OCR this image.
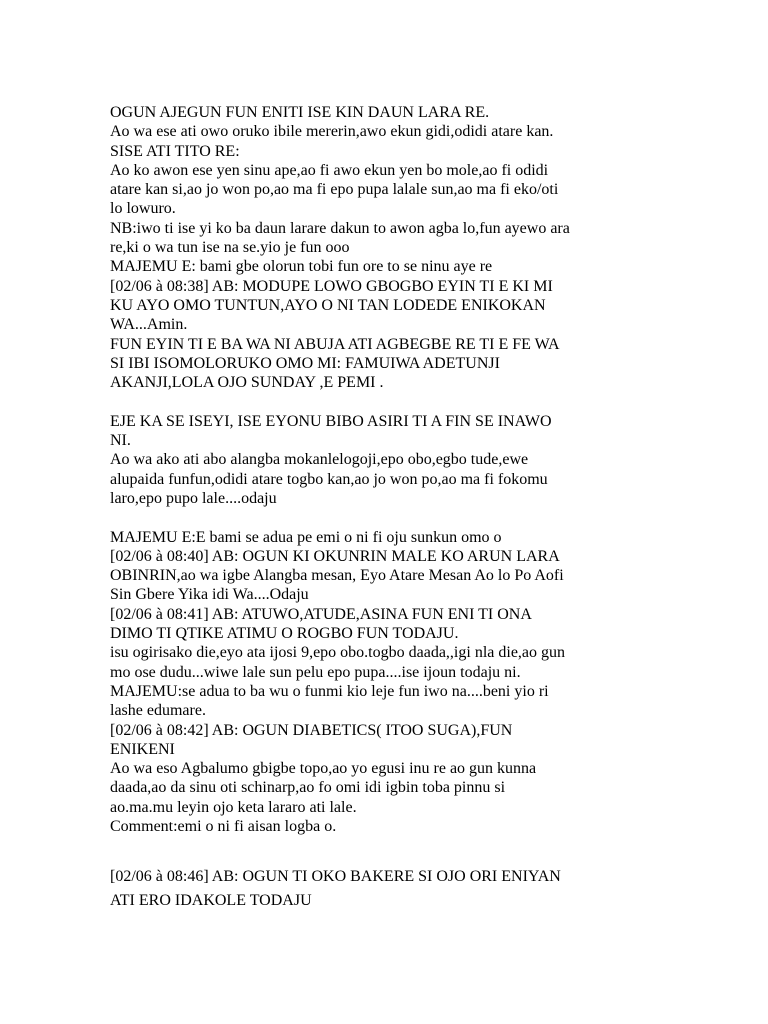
OGUN AJEGUN FUN ENITI ISE KIN DAUN LARA RE.
Ao wa ese ati owo oruko ibile mererin,awo ekun gidi,odidi atare kan.
SISE ATI TITO RE:
Ao ko awon ese yen sinu ape,ao fi awo ekun yen bo mole,ao fi odidi
atare kan si,ao jo won po,ao ma fi epo pupa lalale sun,ao ma fi eko/oti
lo lowuro.
NB:iwo ti ise yi ko ba daun larare dakun to awon agba lo,fun ayewo ara
re,ki o wa tun ise na se.yio je fun ooo
MAJEMU E: bami gbe olorun tobi fun ore to se ninu aye re
[02/06 à 08:38] AB: MODUPE LOWO GBOGBO EYIN TI E KI MI
KU AYO OMO TUNTUN,AYO O NI TAN LODEDE ENIKOKAN
WA...Amin.
FUN EYIN TI E BA WA NI ABUJA ATI AGBEGBE RE TI E FE WA
SI IBI ISOMOLORUKO OMO MI: FAMUIWA ADETUNJI
AKANJI,LOLA OJO SUNDAY ,E PEMI .
EJE KA SE ISEYI, ISE EYONU BIBO ASIRI TI A FIN SE INAWO
NI.
Ao wa ako ati abo alangba mokanlelogoji,epo obo,egbo tude,ewe
alupaida funfun,odidi atare togbo kan,ao jo won po,ao ma fi fokomu
laro,epo pupo lale....odaju
MAJEMU E:E bami se adua pe emi o ni fi oju sunkun omo o
[02/06 à 08:40] AB: OGUN KI OKUNRIN MALE KO ARUN LARA
OBINRIN,ao wa igbe Alangba mesan, Eyo Atare Mesan Ao lo Po Aofi
Sin Gbere Yika idi Wa....Odaju
[02/06 à 08:41] AB: ATUWO,ATUDE,ASINA FUN ENI TI ONA
DIMO TI QTIKE ATIMU O ROGBO FUN TODAJU.
isu ogirisako die,eyo ata ijosi 9,epo obo.togbo daada,,igi nla die,ao gun
mo ose dudu...wiwe lale sun pelu epo pupa....ise ijoun todaju ni.
MAJEMU:se adua to ba wu o funmi kio leje fun iwo na....beni yio ri
lashe edumare.
[02/06 à 08:42] AB: OGUN DIABETICS( ITOO SUGA),FUN
ENIKENI
Ao wa eso Agbalumo gbigbe topo,ao yo egusi inu re ao gun kunna
daada,ao da sinu oti schinarp,ao fo omi idi igbin toba pinnu si
ao.ma.mu leyin ojo keta lararo ati lale.
Comment:emi o ni fi aisan logba o.
[02/06 à 08:46] AB: OGUN TI OKO BAKERE SI OJO ORI ENIYAN
ATI ERO IDAKOLE TODAJU
